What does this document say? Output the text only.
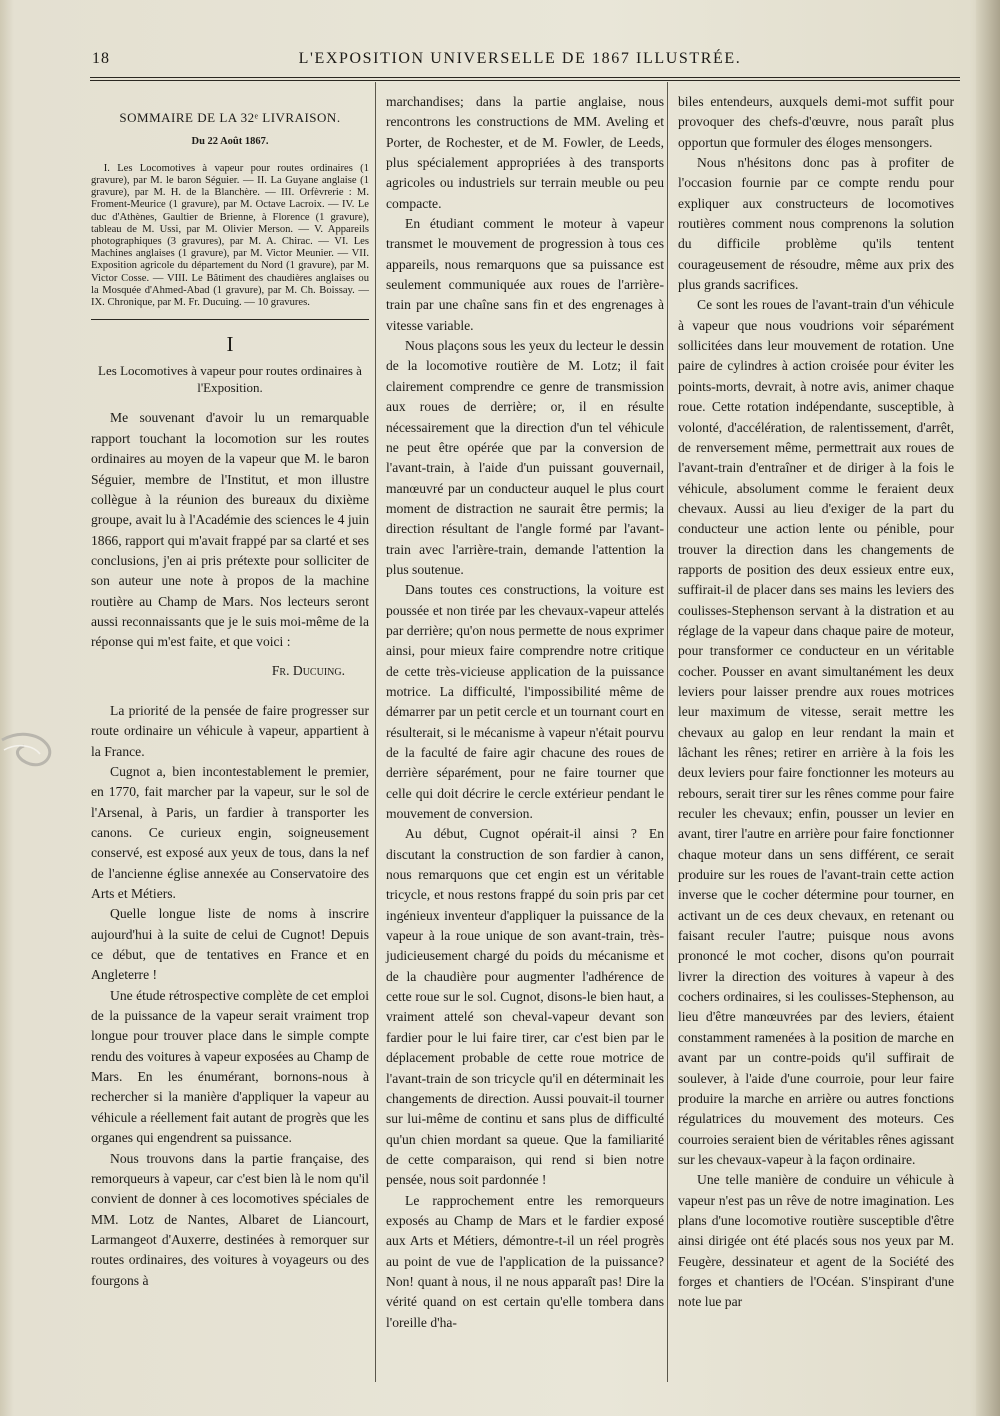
18	L'EXPOSITION UNIVERSELLE DE 1867 ILLUSTRÉE.
SOMMAIRE DE LA 32ᵉ LIVRAISON.
Du 22 Août 1867.
I. Les Locomotives à vapeur pour routes ordinaires (1 gravure), par M. le baron Séguier. — II. La Guyane anglaise (1 gravure), par M. H. de la Blanchère. — III. Orfèvrerie : M. Froment-Meurice (1 gravure), par M. Octave Lacroix. — IV. Le duc d'Athènes, Gaultier de Brienne, à Florence (1 gravure), tableau de M. Ussi, par M. Olivier Merson. — V. Appareils photographiques (3 gravures), par M. A. Chirac. — VI. Les Machines anglaises (1 gravure), par M. Victor Meunier. — VII. Exposition agricole du département du Nord (1 gravure), par M. Victor Cosse. — VIII. Le Bâtiment des chaudières anglaises ou la Mosquée d'Ahmed-Abad (1 gravure), par M. Ch. Boissay. — IX. Chronique, par M. Fr. Ducuing. — 10 gravures.
I
Les Locomotives à vapeur pour routes ordinaires à l'Exposition.

Me souvenant d'avoir lu un remarquable rapport touchant la locomotion sur les routes ordinaires au moyen de la vapeur que M. le baron Séguier, membre de l'Institut, et mon illustre collègue à la réunion des bureaux du dixième groupe, avait lu à l'Académie des sciences le 4 juin 1866, rapport qui m'avait frappé par sa clarté et ses conclusions, j'en ai pris prétexte pour solliciter de son auteur une note à propos de la machine routière au Champ de Mars. Nos lecteurs seront aussi reconnaissants que je le suis moi-même de la réponse qui m'est faite, et que voici :

Fr. Ducuing.

La priorité de la pensée de faire progresser sur route ordinaire un véhicule à vapeur, appartient à la France.

Cugnot a, bien incontestablement le premier, en 1770, fait marcher par la vapeur, sur le sol de l'Arsenal, à Paris, un fardier à transporter les canons. Ce curieux engin, soigneusement conservé, est exposé aux yeux de tous, dans la nef de l'ancienne église annexée au Conservatoire des Arts et Métiers.

Quelle longue liste de noms à inscrire aujourd'hui à la suite de celui de Cugnot! Depuis ce début, que de tentatives en France et en Angleterre !

Une étude rétrospective complète de cet emploi de la puissance de la vapeur serait vraiment trop longue pour trouver place dans le simple compte rendu des voitures à vapeur exposées au Champ de Mars. En les énumérant, bornons-nous à rechercher si la manière d'appliquer la vapeur au véhicule a réellement fait autant de progrès que les organes qui engendrent sa puissance.

Nous trouvons dans la partie française, des remorqueurs à vapeur, car c'est bien là le nom qu'il convient de donner à ces locomotives spéciales de MM. Lotz de Nantes, Albaret de Liancourt, Larmangeot d'Auxerre, destinées à remorquer sur routes ordinaires, des voitures à voyageurs ou des fourgons à

marchandises; dans la partie anglaise, nous rencontrons les constructions de MM. Aveling et Porter, de Rochester, et de M. Fowler, de Leeds, plus spécialement appropriées à des transports agricoles ou industriels sur terrain meuble ou peu compacte.

En étudiant comment le moteur à vapeur transmet le mouvement de progression à tous ces appareils, nous remarquons que sa puissance est seulement communiquée aux roues de l'arrière-train par une chaîne sans fin et des engrenages à vitesse variable.

Nous plaçons sous les yeux du lecteur le dessin de la locomotive routière de M. Lotz; il fait clairement comprendre ce genre de transmission aux roues de derrière; or, il en résulte nécessairement que la direction d'un tel véhicule ne peut être opérée que par la conversion de l'avant-train, à l'aide d'un puissant gouvernail, manœuvré par un conducteur auquel le plus court moment de distraction ne saurait être permis; la direction résultant de l'angle formé par l'avant-train avec l'arrière-train, demande l'attention la plus soutenue.

Dans toutes ces constructions, la voiture est poussée et non tirée par les chevaux-vapeur attelés par derrière; qu'on nous permette de nous exprimer ainsi, pour mieux faire comprendre notre critique de cette très-vicieuse application de la puissance motrice. La difficulté, l'impossibilité même de démarrer par un petit cercle et un tournant court en résulterait, si le mécanisme à vapeur n'était pourvu de la faculté de faire agir chacune des roues de derrière séparément, pour ne faire tourner que celle qui doit décrire le cercle extérieur pendant le mouvement de conversion.

Au début, Cugnot opérait-il ainsi ? En discutant la construction de son fardier à canon, nous remarquons que cet engin est un véritable tricycle, et nous restons frappé du soin pris par cet ingénieux inventeur d'appliquer la puissance de la vapeur à la roue unique de son avant-train, très-judicieusement chargé du poids du mécanisme et de la chaudière pour augmenter l'adhérence de cette roue sur le sol. Cugnot, disons-le bien haut, a vraiment attelé son cheval-vapeur devant son fardier pour le lui faire tirer, car c'est bien par le déplacement probable de cette roue motrice de l'avant-train de son tricycle qu'il en déterminait les changements de direction. Aussi pouvait-il tourner sur lui-même de continu et sans plus de difficulté qu'un chien mordant sa queue. Que la familiarité de cette comparaison, qui rend si bien notre pensée, nous soit pardonnée !

Le rapprochement entre les remorqueurs exposés au Champ de Mars et le fardier exposé aux Arts et Métiers, démontre-t-il un réel progrès au point de vue de l'application de la puissance? Non! quant à nous, il ne nous apparaît pas! Dire la vérité quand on est certain qu'elle tombera dans l'oreille d'ha-

biles entendeurs, auxquels demi-mot suffit pour provoquer des chefs-d'œuvre, nous paraît plus opportun que formuler des éloges mensongers.

Nous n'hésitons donc pas à profiter de l'occasion fournie par ce compte rendu pour expliquer aux constructeurs de locomotives routières comment nous comprenons la solution du difficile problème qu'ils tentent courageusement de résoudre, même aux prix des plus grands sacrifices.

Ce sont les roues de l'avant-train d'un véhicule à vapeur que nous voudrions voir séparément sollicitées dans leur mouvement de rotation. Une paire de cylindres à action croisée pour éviter les points-morts, devrait, à notre avis, animer chaque roue. Cette rotation indépendante, susceptible, à volonté, d'accélération, de ralentissement, d'arrêt, de renversement même, permettrait aux roues de l'avant-train d'entraîner et de diriger à la fois le véhicule, absolument comme le feraient deux chevaux. Aussi au lieu d'exiger de la part du conducteur une action lente ou pénible, pour trouver la direction dans les changements de rapports de position des deux essieux entre eux, suffirait-il de placer dans ses mains les leviers des coulisses-Stephenson servant à la distration et au réglage de la vapeur dans chaque paire de moteur, pour transformer ce conducteur en un véritable cocher. Pousser en avant simultanément les deux leviers pour laisser prendre aux roues motrices leur maximum de vitesse, serait mettre les chevaux au galop en leur rendant la main et lâchant les rênes; retirer en arrière à la fois les deux leviers pour faire fonctionner les moteurs au rebours, serait tirer sur les rênes comme pour faire reculer les chevaux; enfin, pousser un levier en avant, tirer l'autre en arrière pour faire fonctionner chaque moteur dans un sens différent, ce serait produire sur les roues de l'avant-train cette action inverse que le cocher détermine pour tourner, en activant un de ces deux chevaux, en retenant ou faisant reculer l'autre; puisque nous avons prononcé le mot cocher, disons qu'on pourrait livrer la direction des voitures à vapeur à des cochers ordinaires, si les coulisses-Stephenson, au lieu d'être manœuvrées par des leviers, étaient constamment ramenées à la position de marche en avant par un contre-poids qu'il suffirait de soulever, à l'aide d'une courroie, pour leur faire produire la marche en arrière ou autres fonctions régulatrices du mouvement des moteurs. Ces courroies seraient bien de véritables rênes agissant sur les chevaux-vapeur à la façon ordinaire.

Une telle manière de conduire un véhicule à vapeur n'est pas un rêve de notre imagination. Les plans d'une locomotive routière susceptible d'être ainsi dirigée ont été placés sous nos yeux par M. Feugère, dessinateur et agent de la Société des forges et chantiers de l'Océan. S'inspirant d'une note lue par
